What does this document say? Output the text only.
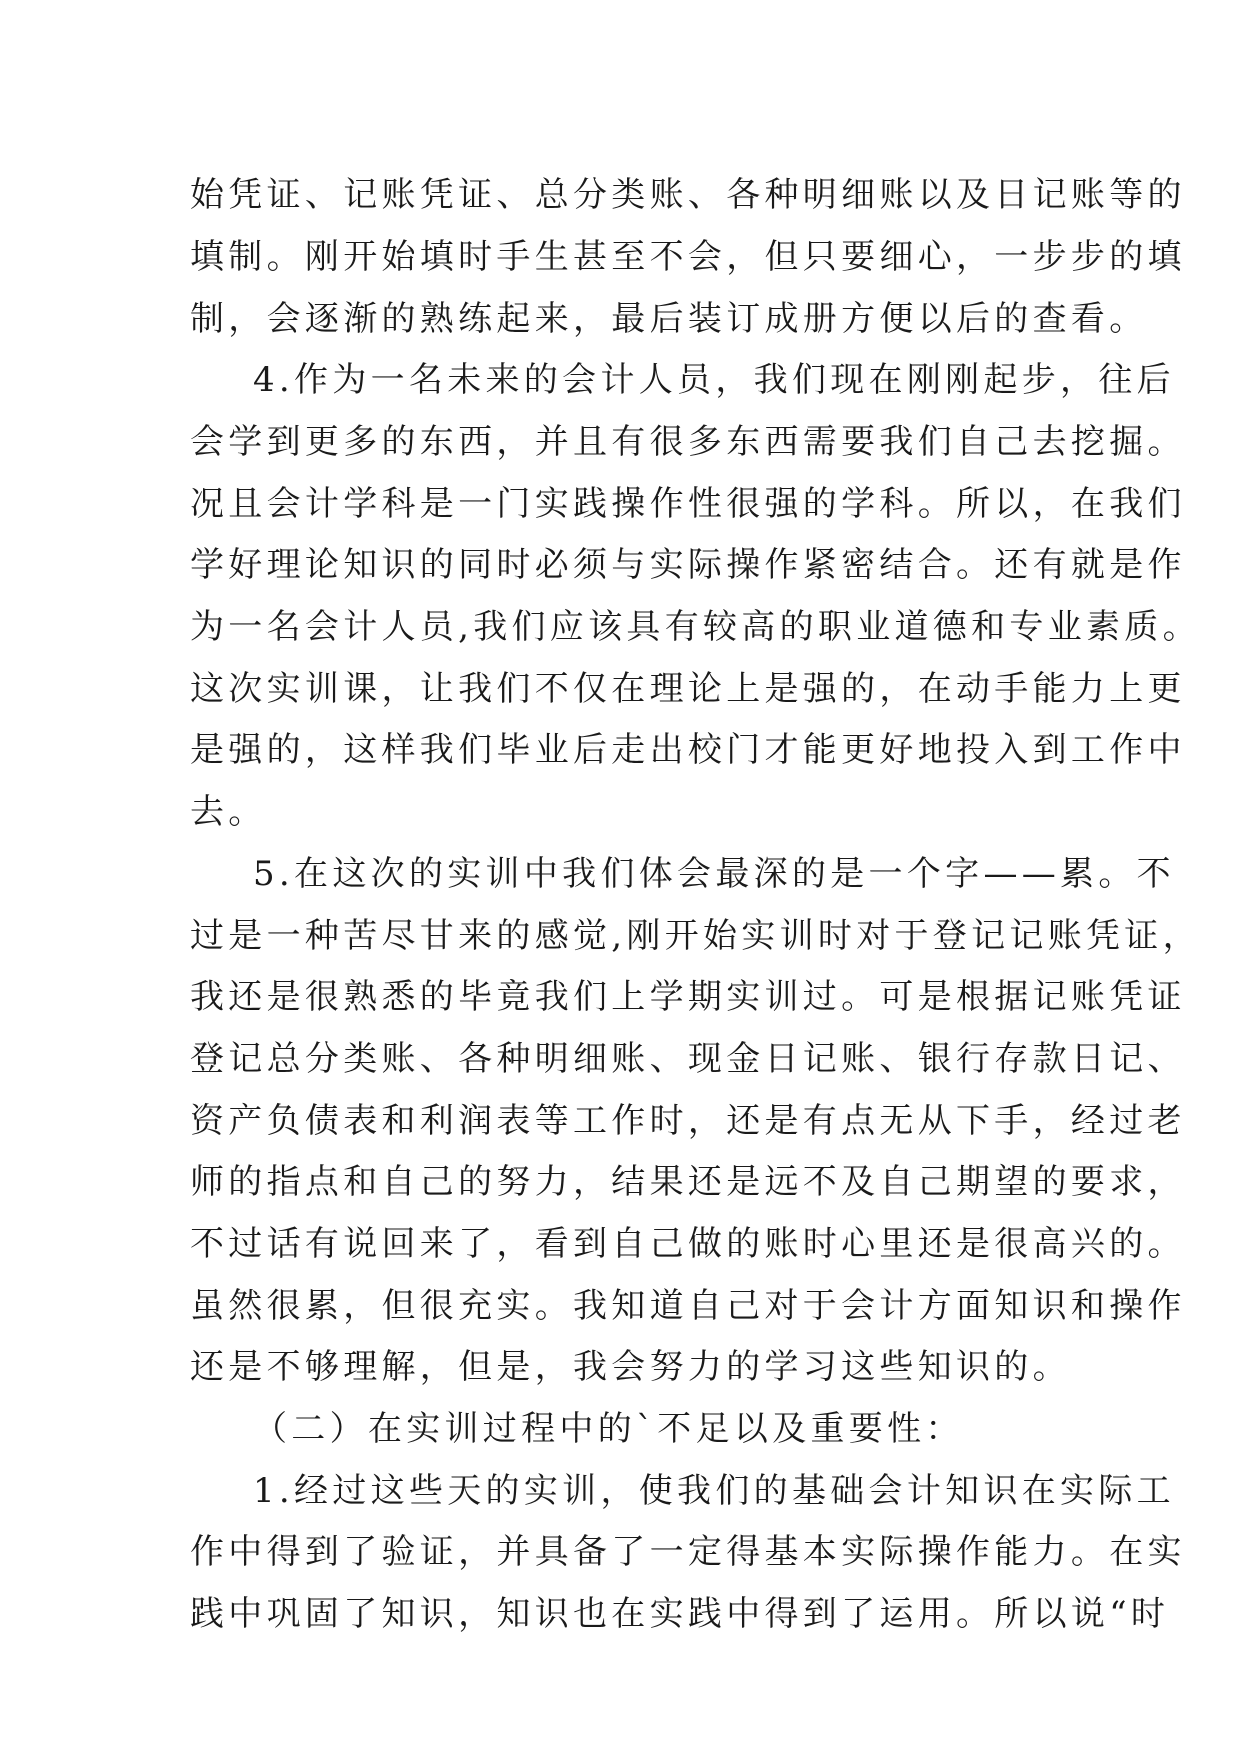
始凭证、记账凭证、总分类账、各种明细账以及日记账等的
填制。刚开始填时手生甚至不会，但只要细心，一步步的填
制，会逐渐的熟练起来，最后装订成册方便以后的查看。
4.作为一名未来的会计人员，我们现在刚刚起步，往后
会学到更多的东西，并且有很多东西需要我们自己去挖掘。
况且会计学科是一门实践操作性很强的学科。所以，在我们
学好理论知识的同时必须与实际操作紧密结合。还有就是作
为一名会计人员,我们应该具有较高的职业道德和专业素质。
这次实训课，让我们不仅在理论上是强的，在动手能力上更
是强的，这样我们毕业后走出校门才能更好地投入到工作中
去。
5.在这次的实训中我们体会最深的是一个字——累。不
过是一种苦尽甘来的感觉,刚开始实训时对于登记记账凭证，
我还是很熟悉的毕竟我们上学期实训过。可是根据记账凭证
登记总分类账、各种明细账、现金日记账、银行存款日记、
资产负债表和利润表等工作时，还是有点无从下手，经过老
师的指点和自己的努力，结果还是远不及自己期望的要求，
不过话有说回来了，看到自己做的账时心里还是很高兴的。
虽然很累，但很充实。我知道自己对于会计方面知识和操作
还是不够理解，但是，我会努力的学习这些知识的。
（二）在实训过程中的`不足以及重要性：
1.经过这些天的实训，使我们的基础会计知识在实际工
作中得到了验证，并具备了一定得基本实际操作能力。在实
践中巩固了知识，知识也在实践中得到了运用。所以说“时
